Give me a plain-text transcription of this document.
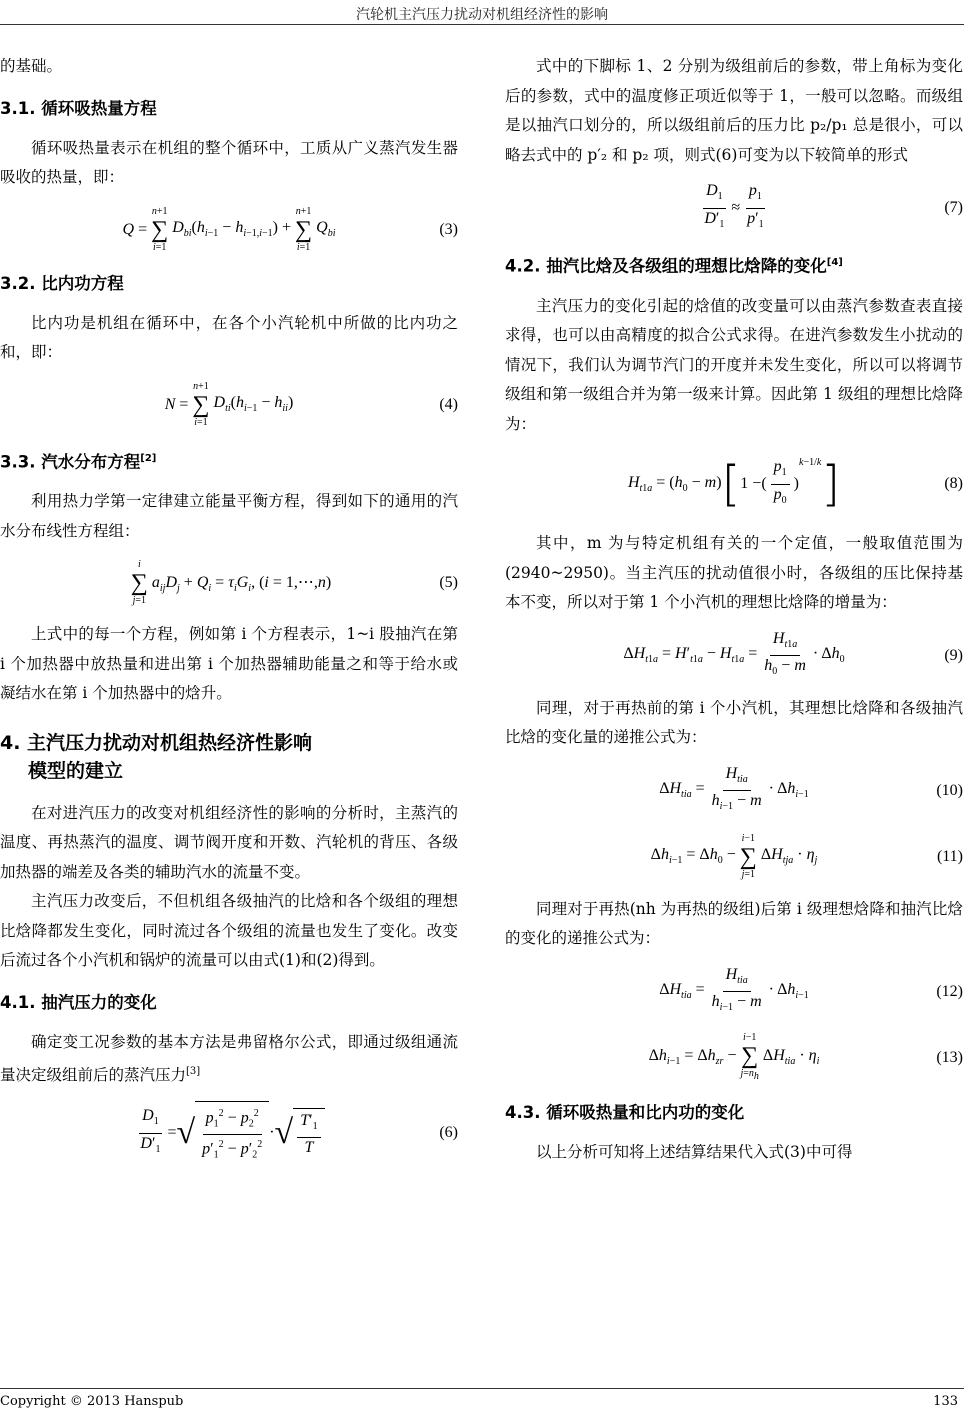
汽轮机主汽压力扰动对机组经济性的影响

的基础。

3.1. 循环吸热量方程

循环吸热量表示在机组的整个循环中，工质从广义蒸汽发生器吸收的热量，即：

Q =
n+1
∑
i=1
$D_{bi}(h_{i-1} - h_{i-1,i-1})$ +
n+1
∑
i=1
$Q_{bi}$	(3)
3.2. 比内功方程

比内功是机组在循环中，在各个小汽轮机中所做的比内功之和，即：

N =
n+1
∑
i=1
$D_{ti}(h_{i-1} - h_{ii})$	(4)
3.3. 汽水分布方程[2]

利用热力学第一定律建立能量平衡方程，得到如下的通用的汽水分布线性方程组：

i
∑
j=1
$a_{ij}D_j + Q_i = \tau_iG_i$, (i = 1,⋯,n)	(5)

上式中的每一个方程，例如第 i 个方程表示，1~i 股抽汽在第 i 个加热器中放热量和进出第 i 个加热器辅助能量之和等于给水或凝结水在第 i 个加热器中的焓升。

4. 主汽压力扰动对机组热经济性影响
模型的建立

在对进汽压力的改变对机组经济性的影响的分析时，主蒸汽的温度、再热蒸汽的温度、调节阀开度和开数、汽轮机的背压、各级加热器的端差及各类的辅助汽水的流量不变。

主汽压力改变后，不但机组各级抽汽的比焓和各个级组的理想比焓降都发生变化，同时流过各个级组的流量也发生了变化。改变后流过各个小汽机和锅炉的流量可以由式(1)和(2)得到。

4.1. 抽汽压力的变化

确定变工况参数的基本方法是弗留格尔公式，即通过级组通流量决定级组前后的蒸汽压力[3]

$\frac{D_1}{D'_1}$ = √ $\frac{p_1^2 - p_2^2}{p'_1^2 - p'_2^2}$ · √ $\frac{T'_1}{T}$	(6)

式中的下脚标 1、2 分别为级组前后的参数，带上角标为变化后的参数，式中的温度修正项近似等于 1，一般可以忽略。而级组是以抽汽口划分的，所以级组前后的压力比 p₂/p₁ 总是很小，可以略去式中的 p′₂ 和 p₂ 项，则式(6)可变为以下较简单的形式

$\frac{D_1}{D'_1} \approx \frac{p_1}{p'_1}$	(7)
4.2. 抽汽比焓及各级组的理想比焓降的变化[4]

主汽压力的变化引起的焓值的改变量可以由蒸汽参数查表直接求得，也可以由高精度的拟合公式求得。在进汽参数发生小扰动的情况下，我们认为调节汽门的开度并未发生变化，所以可以将调节级组和第一级组合并为第一级来计算。因此第 1 级组的理想比焓降为：

$H_{t1a} = (h_0 - m)$ [ 1 − ( $\frac{p_1}{p_0}$ )
k−1/k ]	(8)

其中，m 为与特定机组有关的一个定值，一般取值范围为(2940~2950)。当主汽压的扰动值很小时，各级组的压比保持基本不变，所以对于第 1 个小汽机的理想比焓降的增量为：

$\Delta H_{t1a} = H'_{t1a} - H_{t1a} = \frac{H_{t1a}}{h_0 - m} \cdot \Delta h_0$	(9)

同理，对于再热前的第 i 个小汽机，其理想比焓降和各级抽汽比焓的变化量的递推公式为：

$\Delta H_{tia} = \frac{H_{tia}}{h_{i-1} - m} \cdot \Delta h_{i-1}$	(10)
$\Delta h_{i-1} = \Delta h_0$ −
i−1
∑
j=1
$\Delta H_{tja} \cdot \eta_j$	(11)

同理对于再热(nh 为再热的级组)后第 i 级理想焓降和抽汽比焓的变化的递推公式为：

$\Delta H_{tia} = \frac{H_{tia}}{h_{i-1} - m} \cdot \Delta h_{i-1}$	(12)
$\Delta h_{i-1} = \Delta h_{zr}$ −
i−1
∑
$j=n_h$
$\Delta H_{tia} \cdot \eta_i$	(13)
4.3. 循环吸热量和比内功的变化

以上分析可知将上述结算结果代入式(3)中可得

Copyright © 2013 Hanspub	133
